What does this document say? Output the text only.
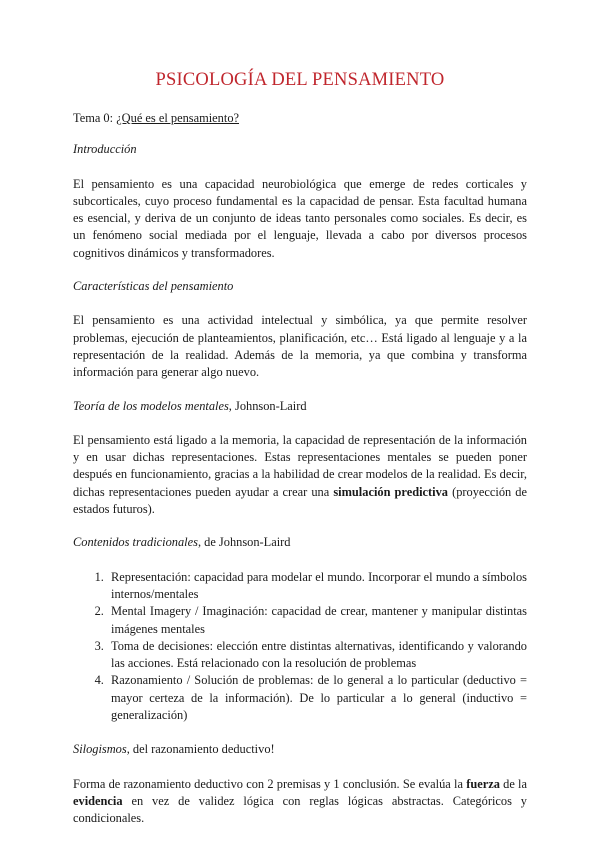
PSICOLOGÍA DEL PENSAMIENTO

Tema 0: ¿Qué es el pensamiento?

Introducción

El pensamiento es una capacidad neurobiológica que emerge de redes corticales y subcorticales, cuyo proceso fundamental es la capacidad de pensar. Esta facultad humana es esencial, y deriva de un conjunto de ideas tanto personales como sociales. Es decir, es un fenómeno social mediada por el lenguaje, llevada a cabo por diversos procesos cognitivos dinámicos y transformadores.

Características del pensamiento

El pensamiento es una actividad intelectual y simbólica, ya que permite resolver problemas, ejecución de planteamientos, planificación, etc… Está ligado al lenguaje y a la representación de la realidad. Además de la memoria, ya que combina y transforma información para generar algo nuevo.

Teoría de los modelos mentales, Johnson-Laird

El pensamiento está ligado a la memoria, la capacidad de representación de la información y en usar dichas representaciones. Estas representaciones mentales se pueden poner después en funcionamiento, gracias a la habilidad de crear modelos de la realidad. Es decir, dichas representaciones pueden ayudar a crear una simulación predictiva (proyección de estados futuros).

Contenidos tradicionales, de Johnson-Laird

1. Representación: capacidad para modelar el mundo. Incorporar el mundo a símbolos internos/mentales
2. Mental Imagery / Imaginación: capacidad de crear, mantener y manipular distintas imágenes mentales
3. Toma de decisiones: elección entre distintas alternativas, identificando y valorando las acciones. Está relacionado con la resolución de problemas
4. Razonamiento / Solución de problemas: de lo general a lo particular (deductivo = mayor certeza de la información). De lo particular a lo general (inductivo = generalización)

Silogismos, del razonamiento deductivo!

Forma de razonamiento deductivo con 2 premisas y 1 conclusión. Se evalúa la fuerza de la evidencia en vez de validez lógica con reglas lógicas abstractas. Categóricos y condicionales.
